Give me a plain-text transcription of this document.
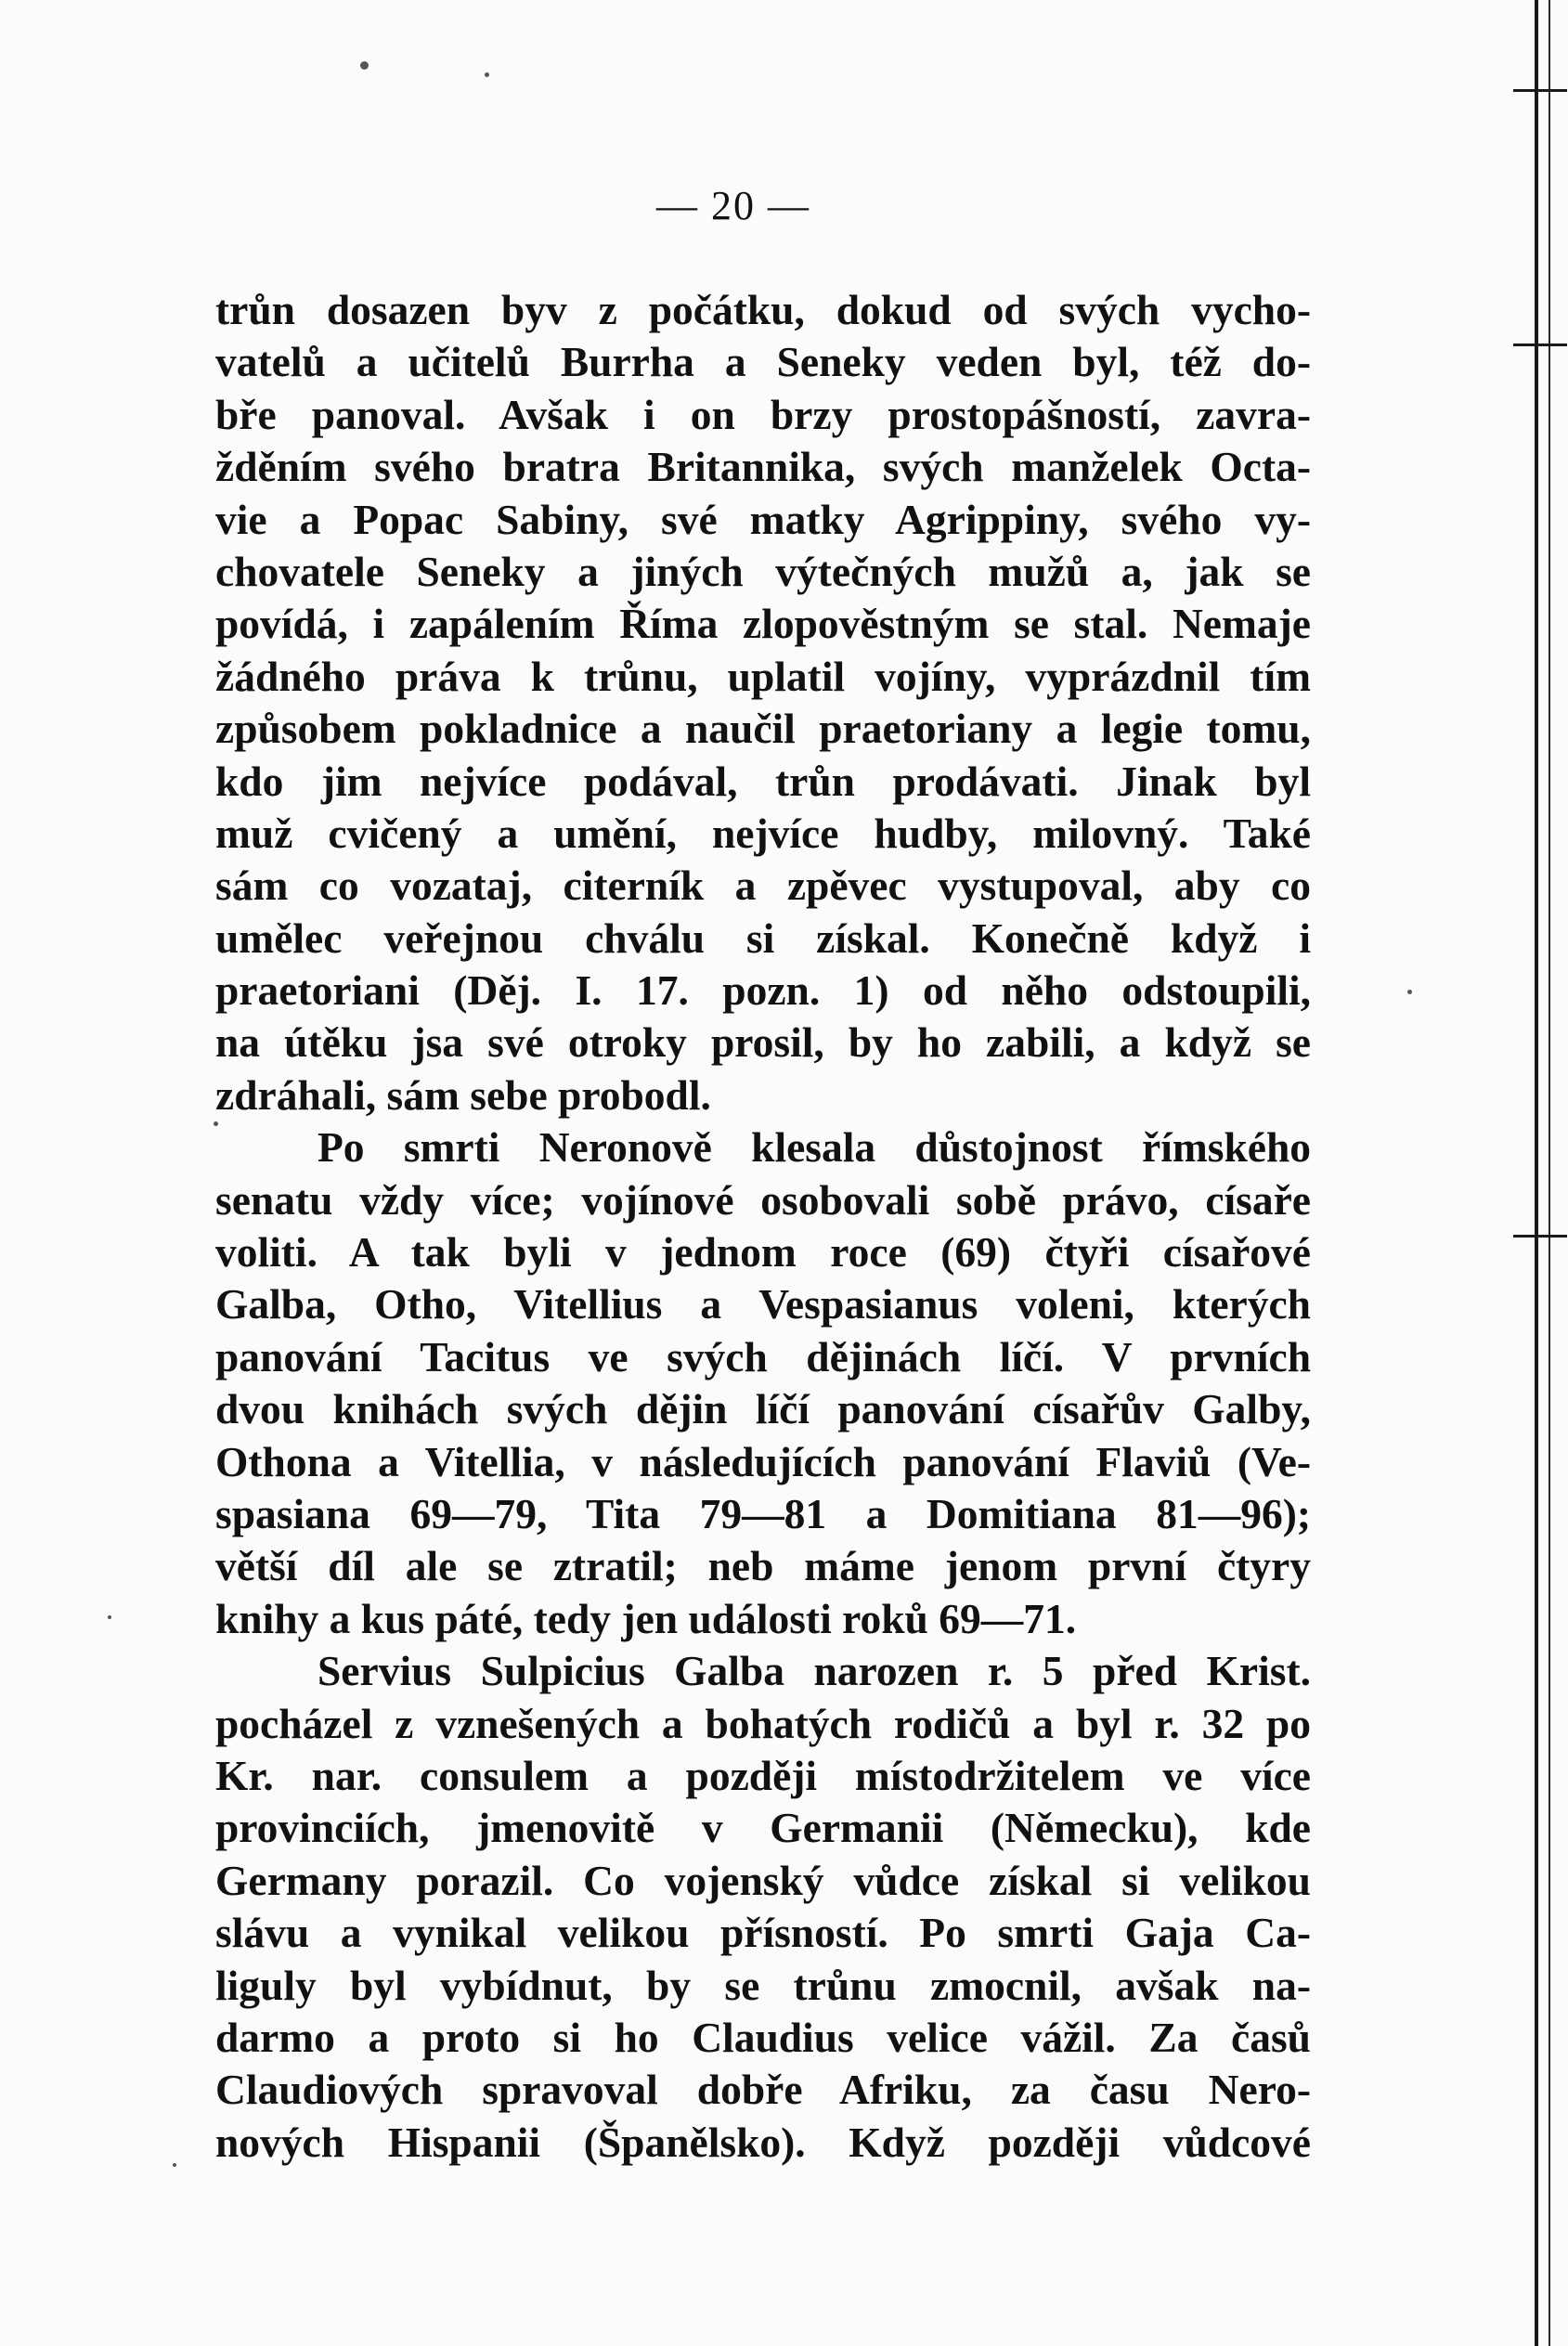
— 20 —
trůn dosazen byv z počátku, dokud od svých vycho-
vatelů a učitelů Burrha a Seneky veden byl, též do-
bře panoval. Avšak i on brzy prostopášností, zavra-
žděním svého bratra Britannika, svých manželek Octa-
vie a Popac Sabiny, své matky Agrippiny, svého vy-
chovatele Seneky a jiných výtečných mužů a, jak se
povídá, i zapálením Říma zlopověstným se stal. Nemaje
žádného práva k trůnu, uplatil vojíny, vyprázdnil tím
způsobem pokladnice a naučil praetoriany a legie tomu,
kdo jim nejvíce podával, trůn prodávati. Jinak byl
muž cvičený a umění, nejvíce hudby, milovný. Také
sám co vozataj, citerník a zpěvec vystupoval, aby co
umělec veřejnou chválu si získal. Konečně když i
praetoriani (Děj. I. 17. pozn. 1) od něho odstoupili,
na útěku jsa své otroky prosil, by ho zabili, a když se
zdráhali, sám sebe probodl.
Po smrti Neronově klesala důstojnost římského
senatu vždy více; vojínové osobovali sobě právo, císaře
voliti. A tak byli v jednom roce (69) čtyři císařové
Galba, Otho, Vitellius a Vespasianus voleni, kterých
panování Tacitus ve svých dějinách líčí. V prvních
dvou knihách svých dějin líčí panování císařův Galby,
Othona a Vitellia, v následujících panování Flaviů (Ve-
spasiana 69—79, Tita 79—81 a Domitiana 81—96);
větší díl ale se ztratil; neb máme jenom první čtyry
knihy a kus páté, tedy jen události roků 69—71.
Servius Sulpicius Galba narozen r. 5 před Krist.
pocházel z vznešených a bohatých rodičů a byl r. 32 po
Kr. nar. consulem a později místodržitelem ve více
provinciích, jmenovitě v Germanii (Německu), kde
Germany porazil. Co vojenský vůdce získal si velikou
slávu a vynikal velikou přísností. Po smrti Gaja Ca-
liguly byl vybídnut, by se trůnu zmocnil, avšak na-
darmo a proto si ho Claudius velice vážil. Za časů
Claudiových spravoval dobře Afriku, za času Nero-
nových Hispanii (Španělsko). Když později vůdcové
